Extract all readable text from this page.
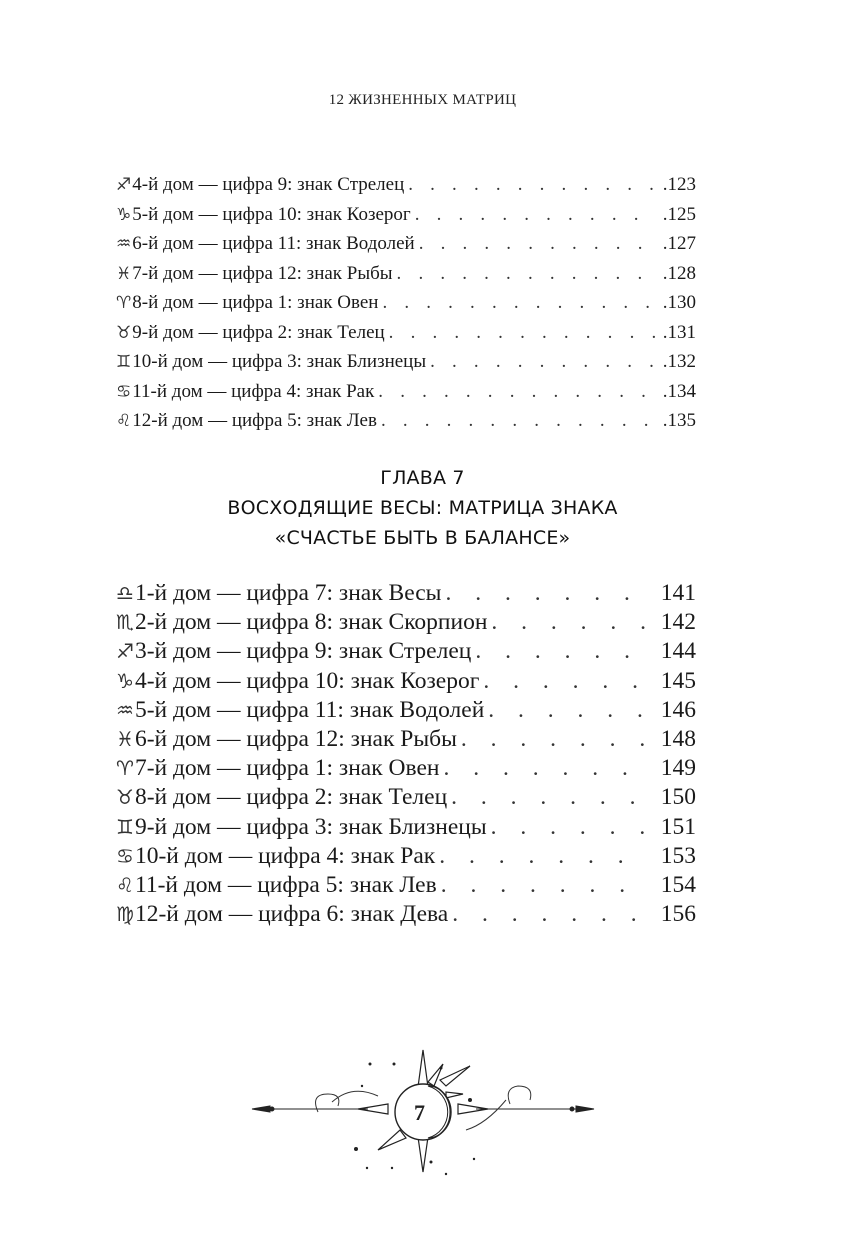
12 ЖИЗНЕННЫХ МАТРИЦ
♐ 4-й дом — цифра 9: знак Стрелец . . .	.123
♑ 5-й дом — цифра 10: знак Козерог . . .	.125
♒ 6-й дом — цифра 11: знак Водолей . . .	.127
♓ 7-й дом — цифра 12: знак Рыбы . . .	.128
♈ 8-й дом — цифра 1: знак Овен . . .	.130
♉ 9-й дом — цифра 2: знак Телец . . .	.131
♊ 10-й дом — цифра 3: знак Близнецы . . .	.132
♋ 11-й дом — цифра 4: знак Рак . . .	.134
♌ 12-й дом — цифра 5: знак Лев . . .	.135
ГЛАВА 7
ВОСХОДЯЩИЕ ВЕСЫ: МАТРИЦА ЗНАКА
«СЧАСТЬЕ БЫТЬ В БАЛАНСЕ»
♎ 1-й дом — цифра 7: знак Весы . . .	141
♏ 2-й дом — цифра 8: знак Скорпион . . .	142
♐ 3-й дом — цифра 9: знак Стрелец . . .	144
♑ 4-й дом — цифра 10: знак Козерог . . .	145
♒ 5-й дом — цифра 11: знак Водолей . . .	146
♓ 6-й дом — цифра 12: знак Рыбы . . .	148
♈ 7-й дом — цифра 1: знак Овен . . .	149
♉ 8-й дом — цифра 2: знак Телец . . .	150
♊ 9-й дом — цифра 3: знак Близнецы . . .	151
♋ 10-й дом — цифра 4: знак Рак . . .	153
♌ 11-й дом — цифра 5: знак Лев . . .	154
♍ 12-й дом — цифра 6: знак Дева . . .	156
7
